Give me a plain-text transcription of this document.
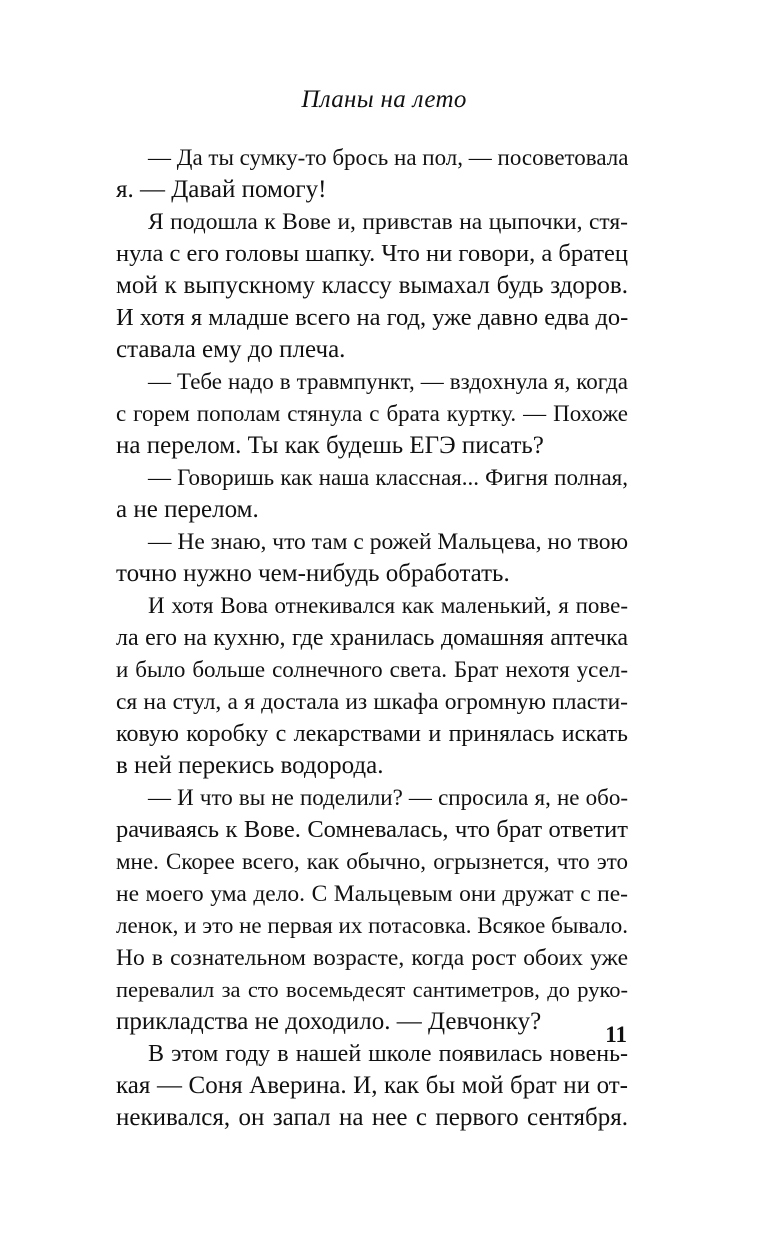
Планы на лето

— Да ты сумку-то брось на пол, — посоветовала
я. — Давай помогу!

Я подошла к Вове и, привстав на цыпочки, стя-
нула с его головы шапку. Что ни говори, а братец
мой к выпускному классу вымахал будь здоров.
И хотя я младше всего на год, уже давно едва до-
ставала ему до плеча.

— Тебе надо в травмпункт, — вздохнула я, когда
с горем пополам стянула с брата куртку. — Похоже
на перелом. Ты как будешь ЕГЭ писать?

— Говоришь как наша классная... Фигня полная,
а не перелом.

— Не знаю, что там с рожей Мальцева, но твою
точно нужно чем-нибудь обработать.

И хотя Вова отнекивался как маленький, я пове-
ла его на кухню, где хранилась домашняя аптечка
и было больше солнечного света. Брат нехотя усел-
ся на стул, а я достала из шкафа огромную пласти-
ковую коробку с лекарствами и принялась искать
в ней перекись водорода.

— И что вы не поделили? — спросила я, не обо-
рачиваясь к Вове. Сомневалась, что брат ответит
мне. Скорее всего, как обычно, огрызнется, что это
не моего ума дело. С Мальцевым они дружат с пе-
ленок, и это не первая их потасовка. Всякое бывало.
Но в сознательном возрасте, когда рост обоих уже
перевалил за сто восемьдесят сантиметров, до руко-
прикладства не доходило. — Девчонку?

В этом году в нашей школе появилась новень-
кая — Соня Аверина. И, как бы мой брат ни от-
некивался, он запал на нее с первого сентября.

11
